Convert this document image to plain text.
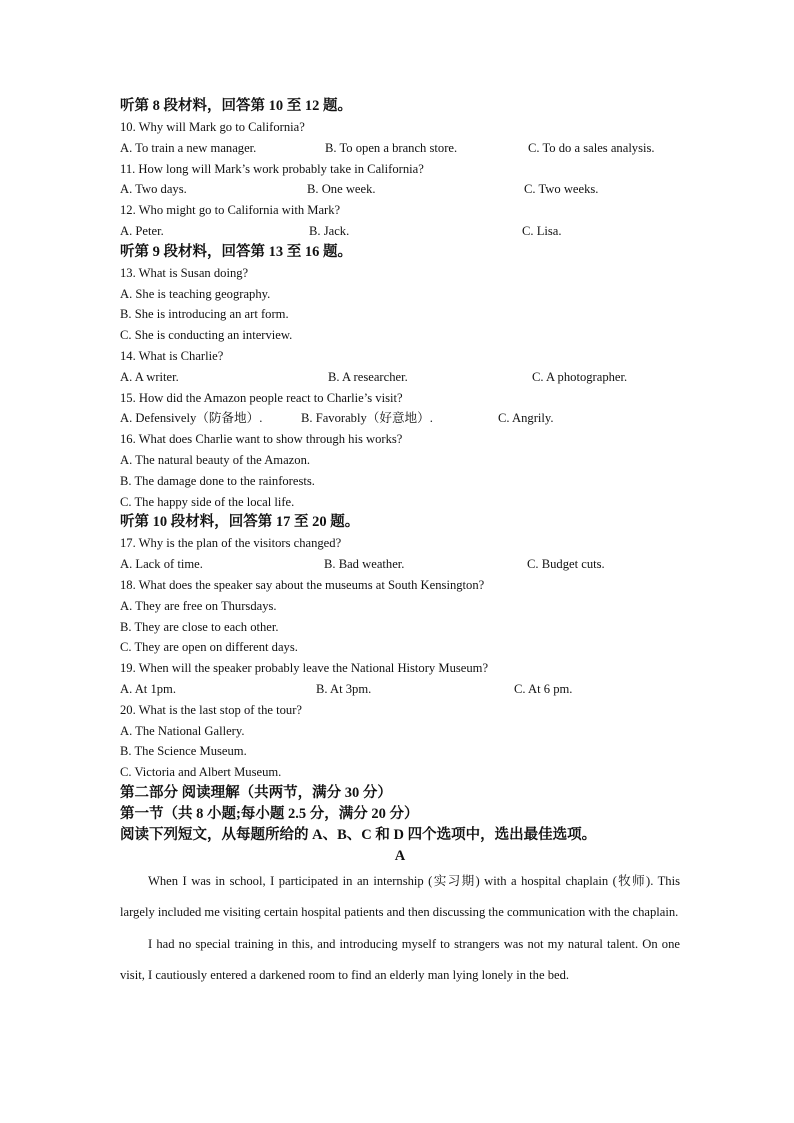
听第 8 段材料，回答第 10 至 12 题。
10. Why will Mark go to California?
A. To train a new manager.	B. To open a branch store.	C. To do a sales analysis.
11. How long will Mark’s work probably take in California?
A. Two days.	B. One week.	C. Two weeks.
12. Who might go to California with Mark?
A. Peter.	B. Jack.	C. Lisa.
听第 9 段材料，回答第 13 至 16 题。
13. What is Susan doing?
A. She is teaching geography.
B. She is introducing an art form.
C. She is conducting an interview.
14. What is Charlie?
A. A writer.	B. A researcher.	C. A photographer.
15. How did the Amazon people react to Charlie’s visit?
A. Defensively（防备地）.	B. Favorably（好意地）.	C. Angrily.
16. What does Charlie want to show through his works?
A. The natural beauty of the Amazon.
B. The damage done to the rainforests.
C. The happy side of the local life.
听第 10 段材料，回答第 17 至 20 题。
17. Why is the plan of the visitors changed?
A. Lack of time.	B. Bad weather.	C. Budget cuts.
18. What does the speaker say about the museums at South Kensington?
A. They are free on Thursdays.
B. They are close to each other.
C. They are open on different days.
19. When will the speaker probably leave the National History Museum?
A. At 1pm.	B. At 3pm.	C. At 6 pm.
20. What is the last stop of the tour?
A. The National Gallery.
B. The Science Museum.
C. Victoria and Albert Museum.
第二部分 阅读理解（共两节，满分 30 分）
第一节（共 8 小题;每小题 2.5 分，满分 20 分）
阅读下列短文，从每题所给的 A、B、C 和 D 四个选项中，选出最佳选项。
A

When I was in school, I participated in an internship (实习期) with a hospital chaplain (牧师). This largely included me visiting certain hospital patients and then discussing the communication with the chaplain.

I had no special training in this, and introducing myself to strangers was not my natural talent. On one visit, I cautiously entered a darkened room to find an elderly man lying lonely in the bed.
